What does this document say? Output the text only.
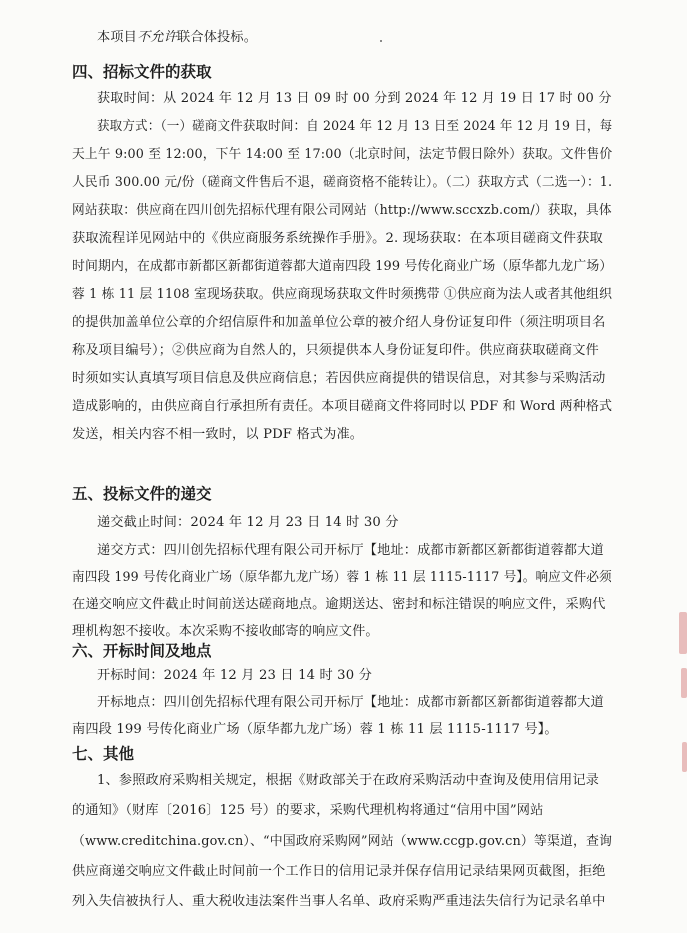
本项目不允许联合体投标。
四、招标文件的获取
获取时间：从 2024 年 12 月 13 日 09 时 00 分到 2024 年 12 月 19 日 17 时 00 分
获取方式：（一）磋商文件获取时间：自 2024 年 12 月 13 日至 2024 年 12 月 19 日，每
天上午 9:00 至 12:00，下午 14:00 至 17:00（北京时间，法定节假日除外）获取。文件售价
人民币 300.00 元/份（磋商文件售后不退，磋商资格不能转让）。（二）获取方式（二选一）：1.
网站获取：供应商在四川创先招标代理有限公司网站（http://www.sccxzb.com/）获取，具体
获取流程详见网站中的《供应商服务系统操作手册》。2. 现场获取：在本项目磋商文件获取
时间期内，在成都市新都区新都街道蓉都大道南四段 199 号传化商业广场（原华都九龙广场）
蓉 1 栋 11 层 1108 室现场获取。供应商现场获取文件时须携带 ①供应商为法人或者其他组织
的提供加盖单位公章的介绍信原件和加盖单位公章的被介绍人身份证复印件（须注明项目名
称及项目编号）；②供应商为自然人的，只须提供本人身份证复印件。供应商获取磋商文件
时须如实认真填写项目信息及供应商信息；若因供应商提供的错误信息，对其参与采购活动
造成影响的，由供应商自行承担所有责任。本项目磋商文件将同时以 PDF 和 Word 两种格式
发送，相关内容不相一致时，以 PDF 格式为准。
五、投标文件的递交
递交截止时间：2024 年 12 月 23 日 14 时 30 分
递交方式：四川创先招标代理有限公司开标厅【地址：成都市新都区新都街道蓉都大道
南四段 199 号传化商业广场（原华都九龙广场）蓉 1 栋 11 层 1115-1117 号】。响应文件必须
在递交响应文件截止时间前送达磋商地点。逾期送达、密封和标注错误的响应文件，采购代
理机构恕不接收。本次采购不接收邮寄的响应文件。
六、开标时间及地点
开标时间：2024 年 12 月 23 日 14 时 30 分
开标地点：四川创先招标代理有限公司开标厅【地址：成都市新都区新都街道蓉都大道
南四段 199 号传化商业广场（原华都九龙广场）蓉 1 栋 11 层 1115-1117 号】。
七、其他
1、参照政府采购相关规定，根据《财政部关于在政府采购活动中查询及使用信用记录
的通知》（财库〔2016〕125 号）的要求，采购代理机构将通过“信用中国”网站
（www.creditchina.gov.cn）、“中国政府采购网”网站（www.ccgp.gov.cn）等渠道，查询
供应商递交响应文件截止时间前一个工作日的信用记录并保存信用记录结果网页截图，拒绝
列入失信被执行人、重大税收违法案件当事人名单、政府采购严重违法失信行为记录名单中
